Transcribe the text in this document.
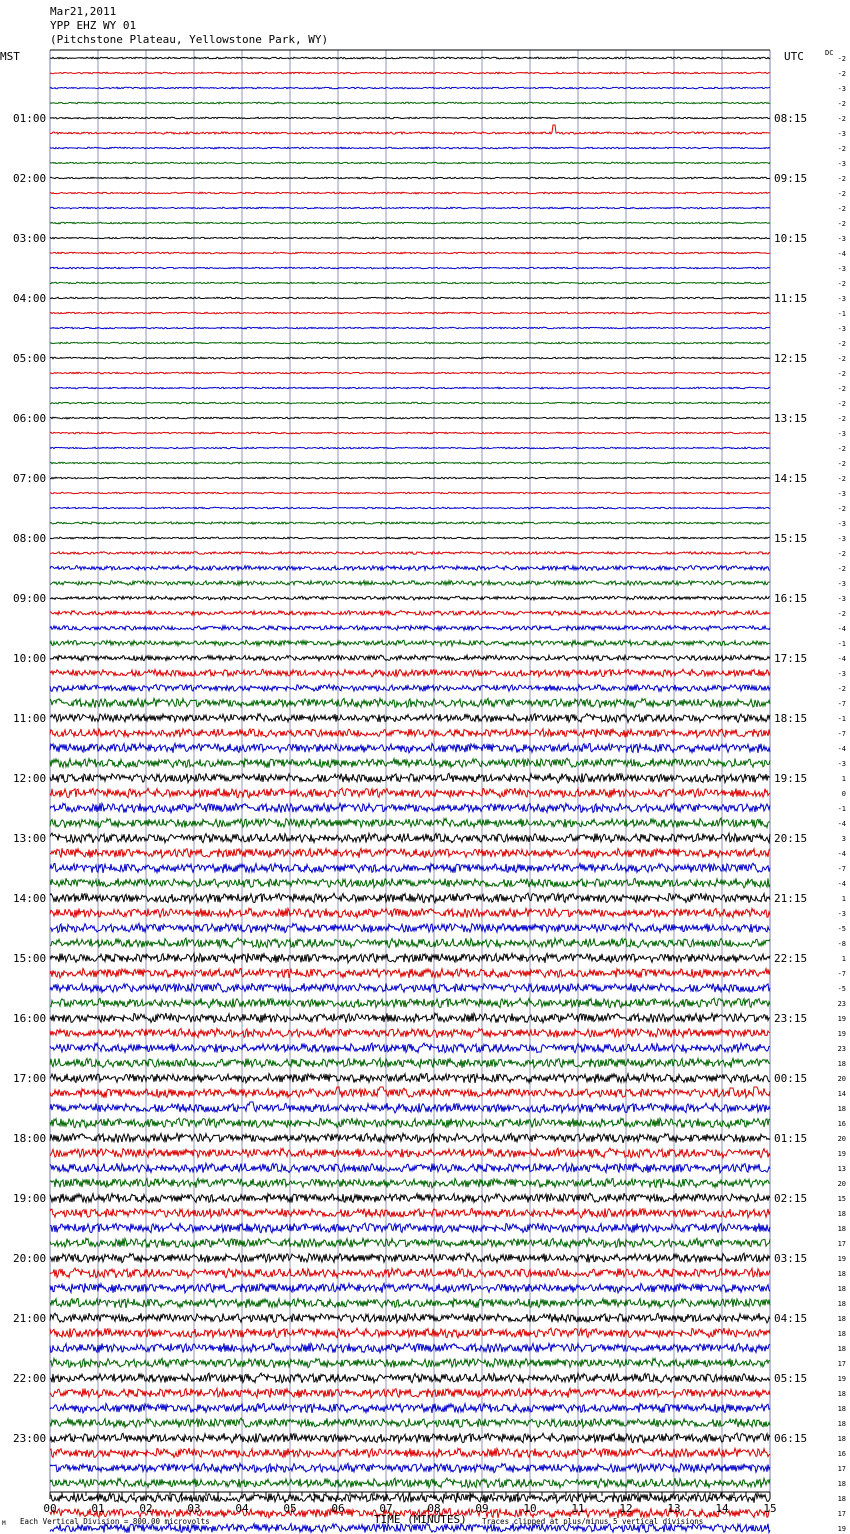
Mar21,2011
YPP EHZ WY 01
(Pitchstone Plateau, Yellowstone Park, WY)
01:00
02:00
03:00
04:00
05:00
06:00
07:00
08:00
09:00
10:00
11:00
12:00
13:00
14:00
15:00
16:00
17:00
18:00
19:00
20:00
21:00
22:00
23:00
08:15
09:15
10:15
11:15
12:15
13:15
14:15
15:15
16:15
17:15
18:15
19:15
20:15
21:15
22:15
23:15
00:15
01:15
02:15
03:15
04:15
05:15
06:15
-2
-2
-3
-2
-2
-3
-2
-3
-2
-2
-2
-2
-3
-4
-3
-2
-3
-1
-3
-2
-2
-2
-2
-2
-2
-3
-2
-2
-2
-3
-2
-3
-3
-2
-2
-3
-3
-2
-4
-1
-4
-3
-2
-7
-1
-7
-4
-3
1
0
-1
-4
3
-4
-7
-4
1
-3
-5
-8
1
-7
-5
23
19
19
23
18
20
14
18
16
20
19
13
20
15
18
18
17
19
18
18
18
18
18
18
17
19
18
18
18
18
16
17
18
18
17
19
00	01	02	03	04	05	06	07	08	09	10	11	12	13	14	15
MST	UTC	DC
TIME (MINUTES)
Each Vertical Division = 800.00 microvolts	Traces clipped at plus/minus 5 vertical divisions
M
